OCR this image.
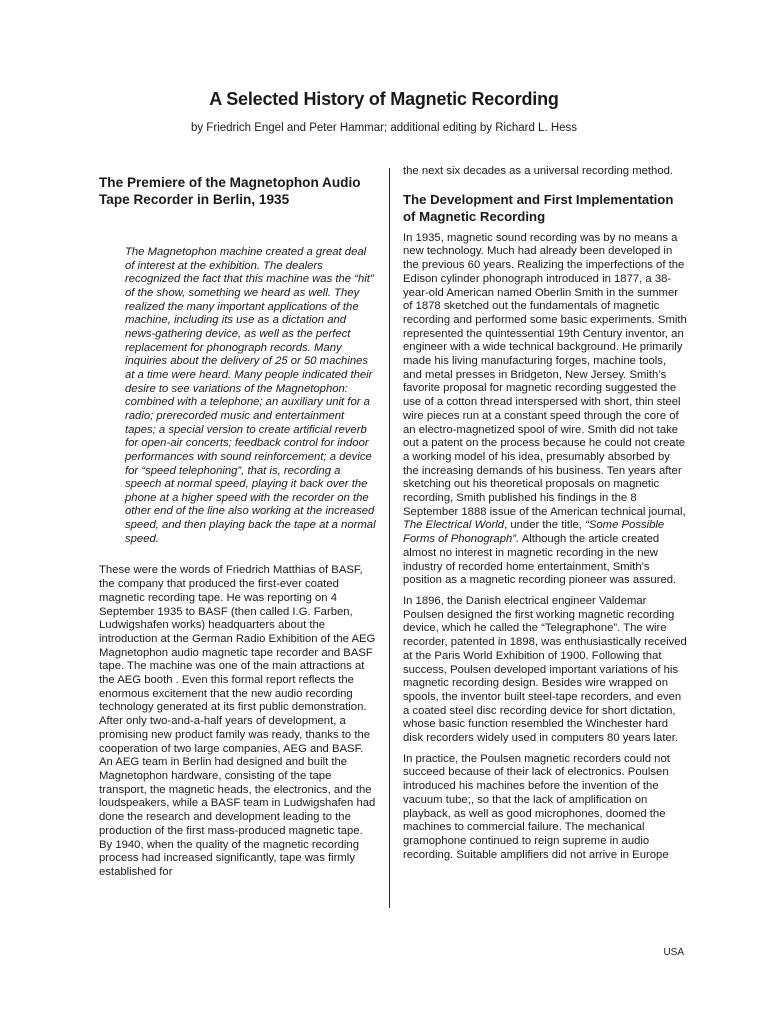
A Selected History of Magnetic Recording

by Friedrich Engel and Peter Hammar; additional editing by Richard L. Hess

The Premiere of the Magnetophon Audio Tape Recorder in Berlin, 1935

The Magnetophon machine created a great deal of interest at the exhibition. The dealers recognized the fact that this machine was the “hit” of the show, something we heard as well. They realized the many important applications of the machine, including its use as a dictation and news-gathering device, as well as the perfect replacement for phonograph records. Many inquiries about the delivery of 25 or 50 machines at a time were heard. Many people indicated their desire to see variations of the Magnetophon: combined with a telephone; an auxiliary unit for a radio; prerecorded music and entertainment tapes; a special version to create artificial reverb for open-air concerts; feedback control for indoor performances with sound reinforcement; a device for “speed telephoning”, that is, recording a speech at normal speed, playing it back over the phone at a higher speed with the recorder on the other end of the line also working at the increased speed, and then playing back the tape at a normal speed.

These were the words of Friedrich Matthias of BASF, the company that produced the first-ever coated magnetic recording tape. He was reporting on 4 September 1935 to BASF (then called I.G. Farben, Ludwigshafen works) headquarters about the introduction at the German Radio Exhibition of the AEG Magnetophon audio magnetic tape recorder and BASF tape. The machine was one of the main attractions at the AEG booth . Even this formal report reflects the enormous excitement that the new audio recording technology generated at its first public demonstration. After only two-and-a-half years of development, a promising new product family was ready, thanks to the cooperation of two large companies, AEG and BASF. An AEG team in Berlin had designed and built the Magnetophon hardware, consisting of the tape transport, the magnetic heads, the electronics, and the loudspeakers, while a BASF team in Ludwigshafen had done the research and development leading to the production of the first mass-produced magnetic tape. By 1940, when the quality of the magnetic recording process had increased significantly, tape was firmly established for

the next six decades as a universal recording method.

The Development and First Implementation of Magnetic Recording

In 1935, magnetic sound recording was by no means a new technology. Much had already been developed in the previous 60 years. Realizing the imperfections of the Edison cylinder phonograph introduced in 1877, a 38-year-old American named Oberlin Smith in the summer of 1878 sketched out the fundamentals of magnetic recording and performed some basic experiments. Smith represented the quintessential 19th Century inventor, an engineer with a wide technical background. He primarily made his living manufacturing forges, machine tools, and metal presses in Bridgeton, New Jersey. Smith’s favorite proposal for magnetic recording suggested the use of a cotton thread interspersed with short, thin steel wire pieces run at a constant speed through the core of an electro-magnetized spool of wire. Smith did not take out a patent on the process because he could not create a working model of his idea, presumably absorbed by the increasing demands of his business. Ten years after sketching out his theoretical proposals on magnetic recording, Smith published his findings in the 8 September 1888 issue of the American technical journal, The Electrical World, under the title, “Some Possible Forms of Phonograph”. Although the article created almost no interest in magnetic recording in the new industry of recorded home entertainment, Smith’s position as a magnetic recording pioneer was assured.

In 1896, the Danish electrical engineer Valdemar Poulsen designed the first working magnetic recording device, which he called the “Telegraphone”. The wire recorder, patented in 1898, was enthusiastically received at the Paris World Exhibition of 1900. Following that success, Poulsen developed important variations of his magnetic recording design. Besides wire wrapped on spools, the inventor built steel-tape recorders, and even a coated steel disc recording device for short dictation, whose basic function resembled the Winchester hard disk recorders widely used in computers 80 years later.

In practice, the Poulsen magnetic recorders could not succeed because of their lack of electronics. Poulsen introduced his machines before the invention of the vacuum tube;, so that the lack of amplification on playback, as well as good microphones, doomed the machines to commercial failure. The mechanical gramophone continued to reign supreme in audio recording. Suitable amplifiers did not arrive in Europe

USA
